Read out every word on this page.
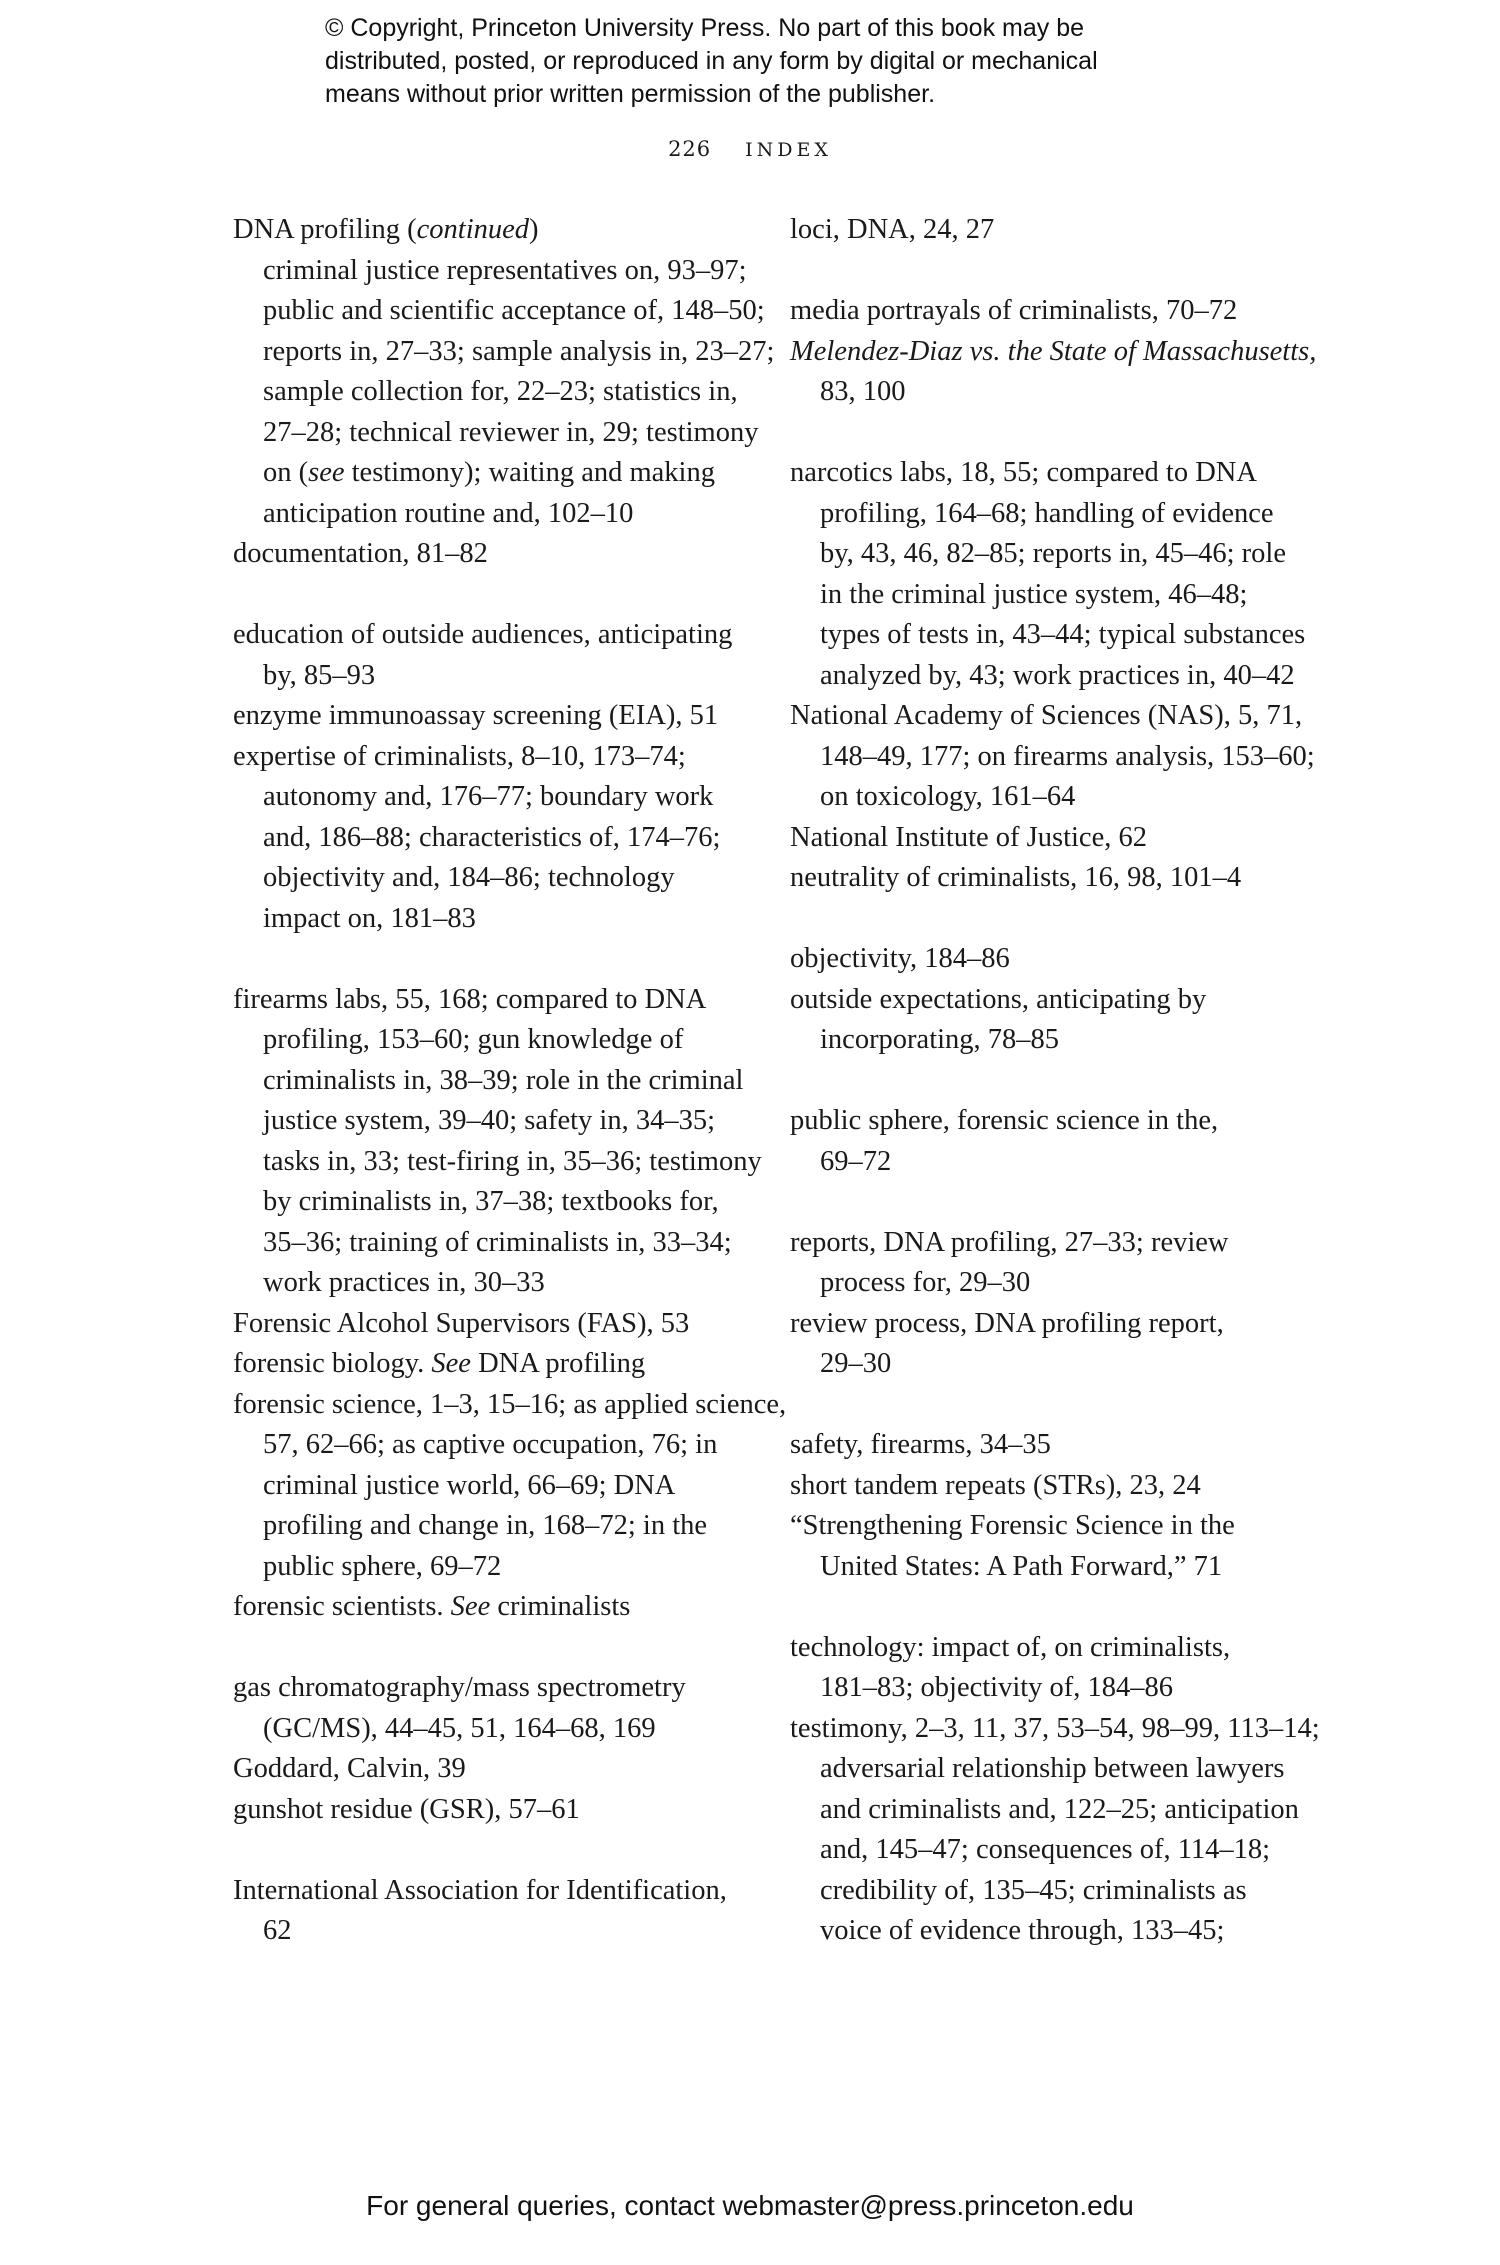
© Copyright, Princeton University Press. No part of this book may be
distributed, posted, or reproduced in any form by digital or mechanical
means without prior written permission of the publisher.
226 INDEX

DNA profiling (continued)
criminal justice representatives on, 93–97;
public and scientific acceptance of, 148–50;
reports in, 27–33; sample analysis in, 23–27;
sample collection for, 22–23; statistics in,
27–28; technical reviewer in, 29; testimony
on (see testimony); waiting and making
anticipation routine and, 102–10

documentation, 81–82

education of outside audiences, anticipating
by, 85–93

enzyme immunoassay screening (EIA), 51

expertise of criminalists, 8–10, 173–74;
autonomy and, 176–77; boundary work
and, 186–88; characteristics of, 174–76;
objectivity and, 184–86; technology
impact on, 181–83

firearms labs, 55, 168; compared to DNA
profiling, 153–60; gun knowledge of
criminalists in, 38–39; role in the criminal
justice system, 39–40; safety in, 34–35;
tasks in, 33; test-firing in, 35–36; testimony
by criminalists in, 37–38; textbooks for,
35–36; training of criminalists in, 33–34;
work practices in, 30–33

Forensic Alcohol Supervisors (FAS), 53

forensic biology. See DNA profiling

forensic science, 1–3, 15–16; as applied science,
57, 62–66; as captive occupation, 76; in
criminal justice world, 66–69; DNA
profiling and change in, 168–72; in the
public sphere, 69–72

forensic scientists. See criminalists

gas chromatography/mass spectrometry
(GC/MS), 44–45, 51, 164–68, 169

Goddard, Calvin, 39

gunshot residue (GSR), 57–61

International Association for Identification,
62

loci, DNA, 24, 27

media portrayals of criminalists, 70–72

Melendez-Diaz vs. the State of Massachusetts,
83, 100

narcotics labs, 18, 55; compared to DNA
profiling, 164–68; handling of evidence
by, 43, 46, 82–85; reports in, 45–46; role
in the criminal justice system, 46–48;
types of tests in, 43–44; typical substances
analyzed by, 43; work practices in, 40–42

National Academy of Sciences (NAS), 5, 71,
148–49, 177; on firearms analysis, 153–60;
on toxicology, 161–64

National Institute of Justice, 62

neutrality of criminalists, 16, 98, 101–4

objectivity, 184–86

outside expectations, anticipating by
incorporating, 78–85

public sphere, forensic science in the,
69–72

reports, DNA profiling, 27–33; review
process for, 29–30

review process, DNA profiling report,
29–30

safety, firearms, 34–35

short tandem repeats (STRs), 23, 24

“Strengthening Forensic Science in the
United States: A Path Forward,” 71

technology: impact of, on criminalists,
181–83; objectivity of, 184–86

testimony, 2–3, 11, 37, 53–54, 98–99, 113–14;
adversarial relationship between lawyers
and criminalists and, 122–25; anticipation
and, 145–47; consequences of, 114–18;
credibility of, 135–45; criminalists as
voice of evidence through, 133–45;

For general queries, contact webmaster@press.princeton.edu
